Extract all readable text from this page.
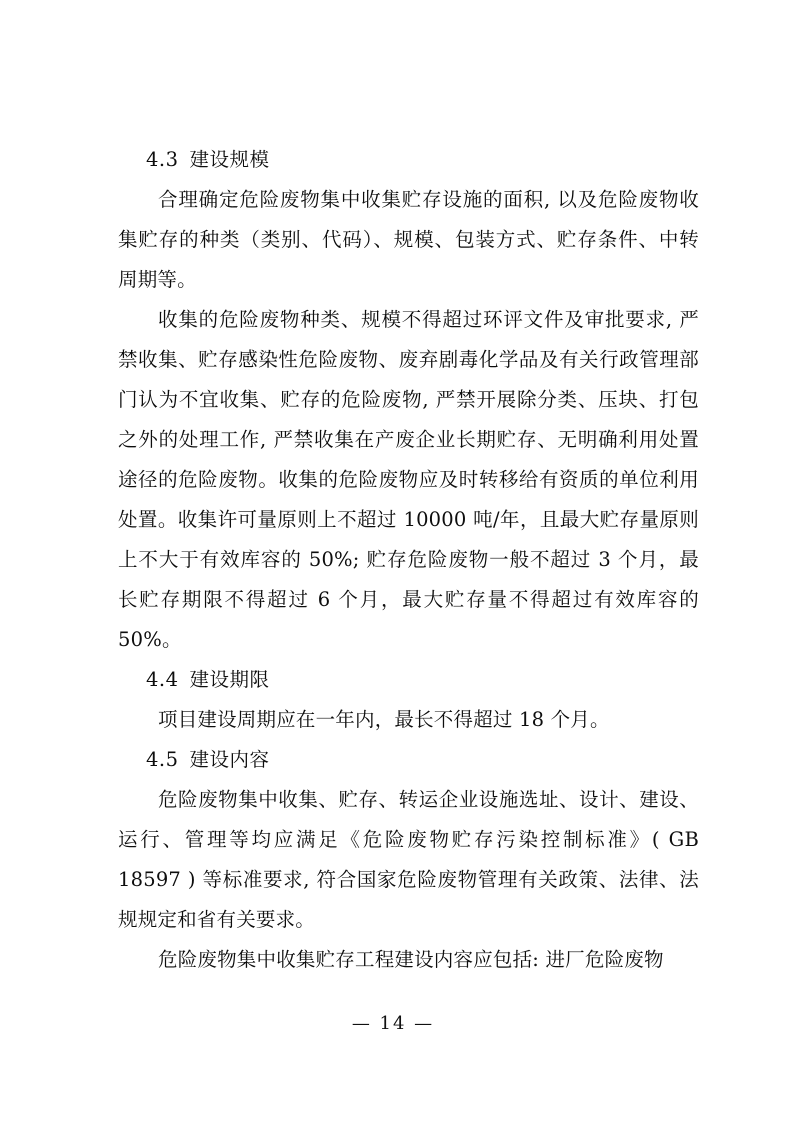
4.3 建设规模

合理确定危险废物集中收集贮存设施的面积, 以及危险废物收集贮存的种类（类别、代码）、规模、包装方式、贮存条件、中转周期等。

收集的危险废物种类、规模不得超过环评文件及审批要求, 严禁收集、贮存感染性危险废物、废弃剧毒化学品及有关行政管理部门认为不宜收集、贮存的危险废物, 严禁开展除分类、压块、打包之外的处理工作, 严禁收集在产废企业长期贮存、无明确利用处置途径的危险废物。收集的危险废物应及时转移给有资质的单位利用处置。收集许可量原则上不超过 10000 吨/年，且最大贮存量原则上不大于有效库容的 50%; 贮存危险废物一般不超过 3 个月，最长贮存期限不得超过 6 个月，最大贮存量不得超过有效库容的 50%。

4.4 建设期限

项目建设周期应在一年内，最长不得超过 18 个月。

4.5 建设内容

危险废物集中收集、贮存、转运企业设施选址、设计、建设、运行、管理等均应满足《危险废物贮存污染控制标准》( GB 18597 ) 等标准要求, 符合国家危险废物管理有关政策、法律、法规规定和省有关要求。

危险废物集中收集贮存工程建设内容应包括: 进厂危险废物

— 14 —
